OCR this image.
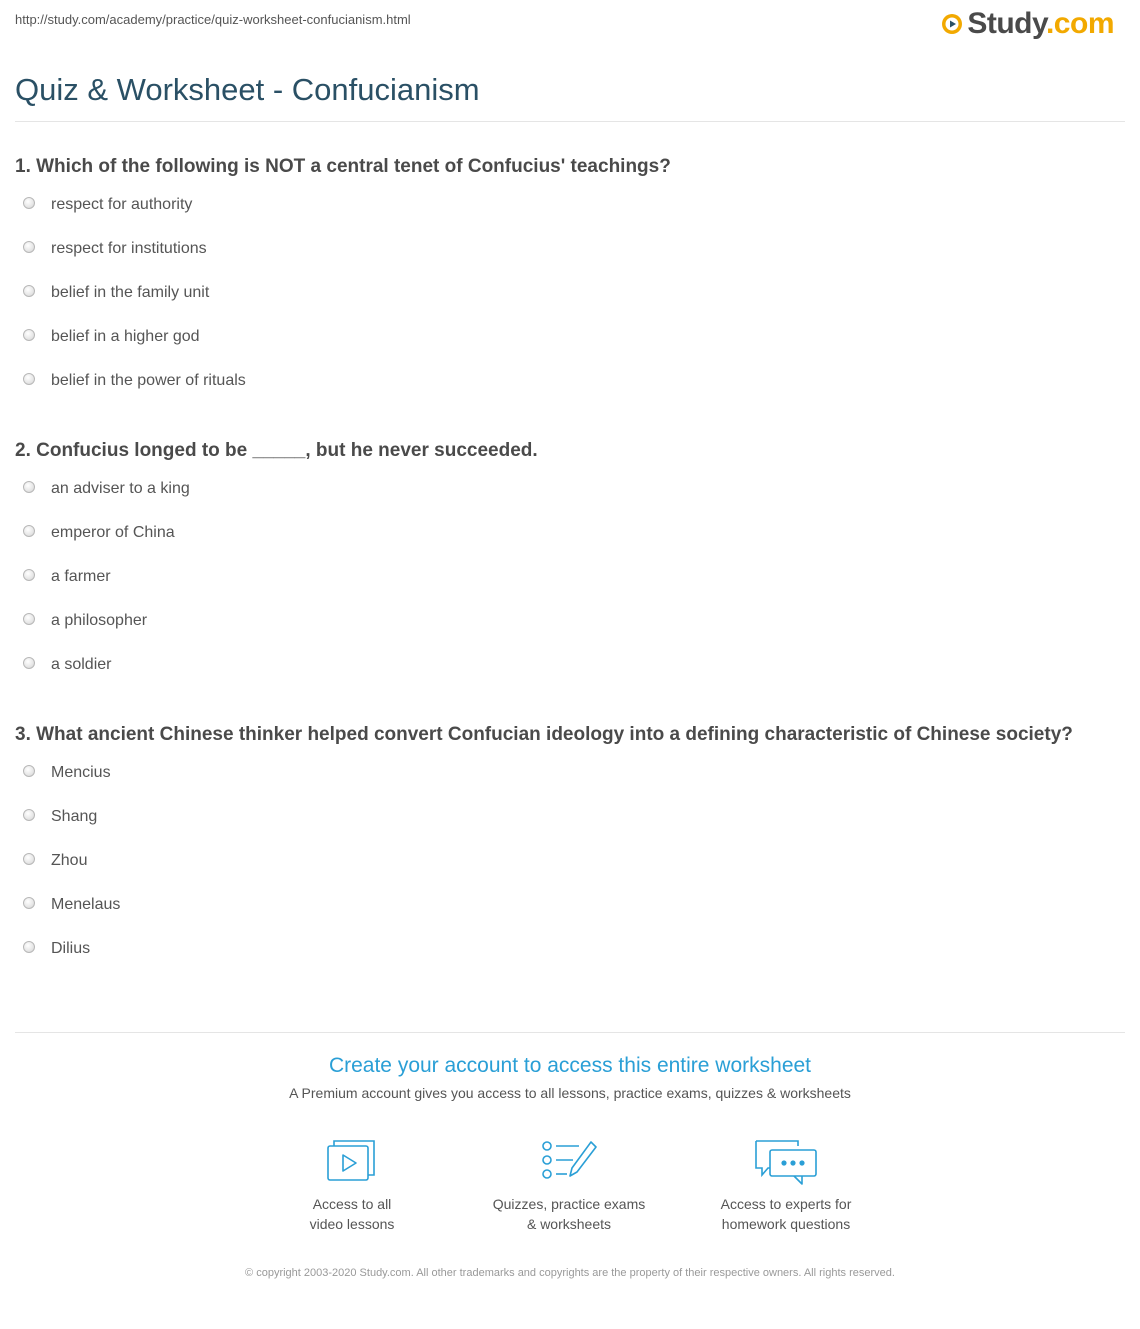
http://study.com/academy/practice/quiz-worksheet-confucianism.html	Study.com
Quiz & Worksheet - Confucianism

1. Which of the following is NOT a central tenet of Confucius' teachings?

respect for authority
respect for institutions
belief in the family unit
belief in a higher god
belief in the power of rituals

2. Confucius longed to be _____, but he never succeeded.

an adviser to a king
emperor of China
a farmer
a philosopher
a soldier

3. What ancient Chinese thinker helped convert Confucian ideology into a defining characteristic of Chinese society?

Mencius
Shang
Zhou
Menelaus
Dilius
Create your account to access this entire worksheet
A Premium account gives you access to all lessons, practice exams, quizzes & worksheets
Access to all
video lessons
Quizzes, practice exams
& worksheets
Access to experts for
homework questions
© copyright 2003-2020 Study.com. All other trademarks and copyrights are the property of their respective owners. All rights reserved.
